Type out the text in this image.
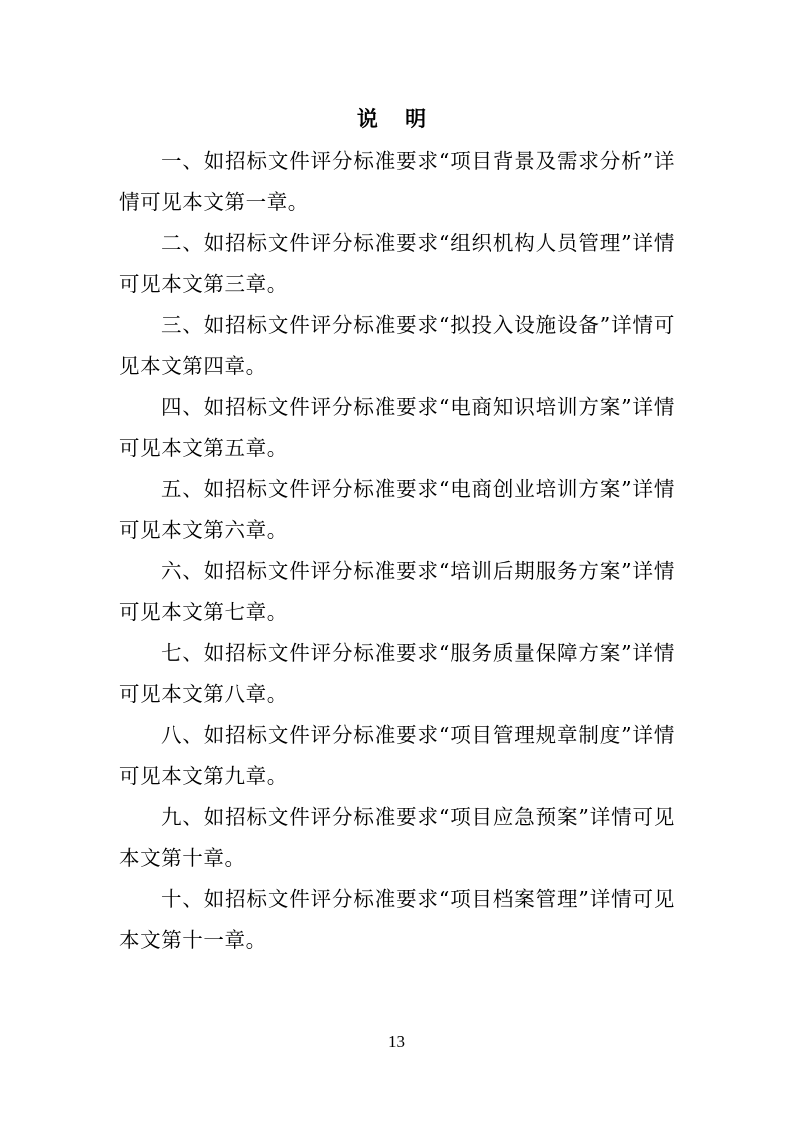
说 明

一、如招标文件评分标准要求“项目背景及需求分析”详情可见本文第一章。

二、如招标文件评分标准要求“组织机构人员管理”详情可见本文第三章。

三、如招标文件评分标准要求“拟投入设施设备”详情可见本文第四章。

四、如招标文件评分标准要求“电商知识培训方案”详情可见本文第五章。

五、如招标文件评分标准要求“电商创业培训方案”详情可见本文第六章。

六、如招标文件评分标准要求“培训后期服务方案”详情可见本文第七章。

七、如招标文件评分标准要求“服务质量保障方案”详情可见本文第八章。

八、如招标文件评分标准要求“项目管理规章制度”详情可见本文第九章。

九、如招标文件评分标准要求“项目应急预案”详情可见本文第十章。

十、如招标文件评分标准要求“项目档案管理”详情可见本文第十一章。

13
